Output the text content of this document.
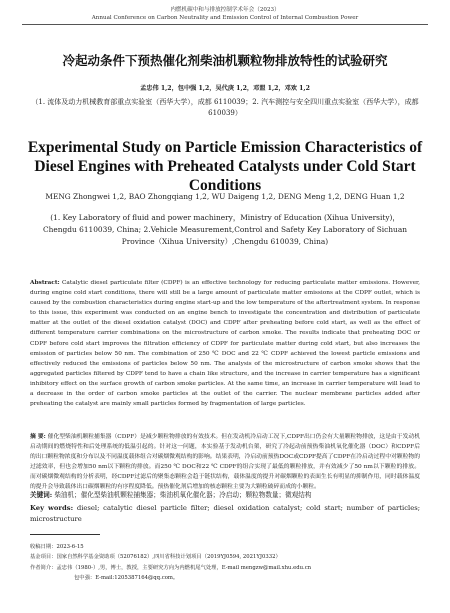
内燃机碳中和与排放控制学术年会（2023）
Annual Conference on Carbon Neutrality and Emission Control of Internal Combustion Power
冷起动条件下预热催化剂柴油机颗粒物排放特性的试验研究
孟忠伟 1,2，包中强 1,2，吴代庚 1,2，邓盟 1,2，邓欢 1,2
（1. 流体及动力机械教育部重点实验室（西华大学），成都 6110039；2. 汽车测控与安全四川重点实验室（西华大学），成都 610039）
Experimental Study on Particle Emission Characteristics of Diesel Engines with Preheated Catalysts under Cold Start Conditions
MENG Zhongwei 1,2, BAO Zhongqiang 1,2, WU Daigeng 1,2, DENG Meng 1,2, DENG Huan 1,2
(1. Key Laboratory of fluid and power machinery，Ministry of Education (Xihua University)，Chengdu 6110039, China; 2.Vehicle Measurement,Control and Safety Key Laboratory of Sichuan Province（Xihua University）,Chengdu 610039, China)
Abstract: Catalytic diesel particulate filter (CDPF) is an effective technology for reducing particulate matter emissions. However, during engine cold start conditions, there will still be a large amount of particulate matter emissions at the CDPF outlet, which is caused by the combustion characteristics during engine start-up and the low temperature of the aftertreatment system. In response to this issue, this experiment was conducted on an engine bench to investigate the concentration and distribution of particulate matter at the outlet of the diesel oxidation catalyst (DOC) and CDPF after preheating before cold start, as well as the effect of different temperature carrier combinations on the microstructure of carbon smoke. The results indicate that preheating DOC or CDPF before cold start improves the filtration efficiency of CDPF for particulate matter during cold start, but also increases the emission of particles below 50 nm. The combination of 250 ℃ DOC and 22 ℃ CDPF achieved the lowest particle emissions and effectively reduced the emissions of particles below 50 nm. The analysis of the microstructure of carbon smoke shows that the aggregated particles filtered by CDPF tend to have a chain like structure, and the increase in carrier temperature has a significant inhibitory effect on the surface growth of carbon smoke particles. At the same time, an increase in carrier temperature will lead to a decrease in the order of carbon smoke particles at the outlet of the carrier. The nuclear membrane particles added after preheating the catalyst are mainly small particles formed by fragmentation of large particles.
摘 要: 催化型柴油机颗粒捕集器（CDPF）是减少颗粒物排放的有效技术。但在发动机冷启动工况下,CDPF出口仍会有大量颗粒物排放，这是由于发动机启动期间的燃烧特性和后处理系统的低温引起的。针对这一问题，本实验基于发动机台架，研究了冷起动前预热柴油机氧化催化器（DOC）和CDPF后的出口颗粒物浓度和分布以及不同温度载体组合对碳烟微观结构的影响。结果表明，冷启动前预热DOC或CDPF提高了CDPF在冷启动过程中对颗粒物的过滤效率，但也会增加50 nm以下颗粒的排放。而250 ℃ DOC和22 ℃ CDPF的组合实现了最低的颗粒排放，并有效减少了50 nm以下颗粒的排放。而对碳烟微观结构的分析表明，经CDPF过滤后的聚集态颗粒会趋于链状结构，载体温度的提升对碳烟颗粒的表面生长有明显的抑制作用，同时载体温度的提升会导致载体出口碳烟颗粒的有序程度降低。预热催化剂后增加的核态颗粒主要为大颗粒破碎而成的小颗粒。
关键词: 柴油机；催化型柴油机颗粒捕集器；柴油机氧化催化器；冷启动；颗粒物数量；微观结构
Key words: diesel; catalytic diesel particle filter; diesel oxidation catalyst; cold start; number of particles; microstructure
收稿日期：2023-6-15
基金项目：国家自然科学基金资助项（52076182）,四川省科技计划项目（2019YJ0594, 2021YJ0332）
作者简介：孟忠伟（1980-）,男，博士，教授，主要研究方向为内燃机尾气处理，E-mail mengzw@mail.xhu.edu.cn
包中强：E-mail:1205387164@qq.com。
